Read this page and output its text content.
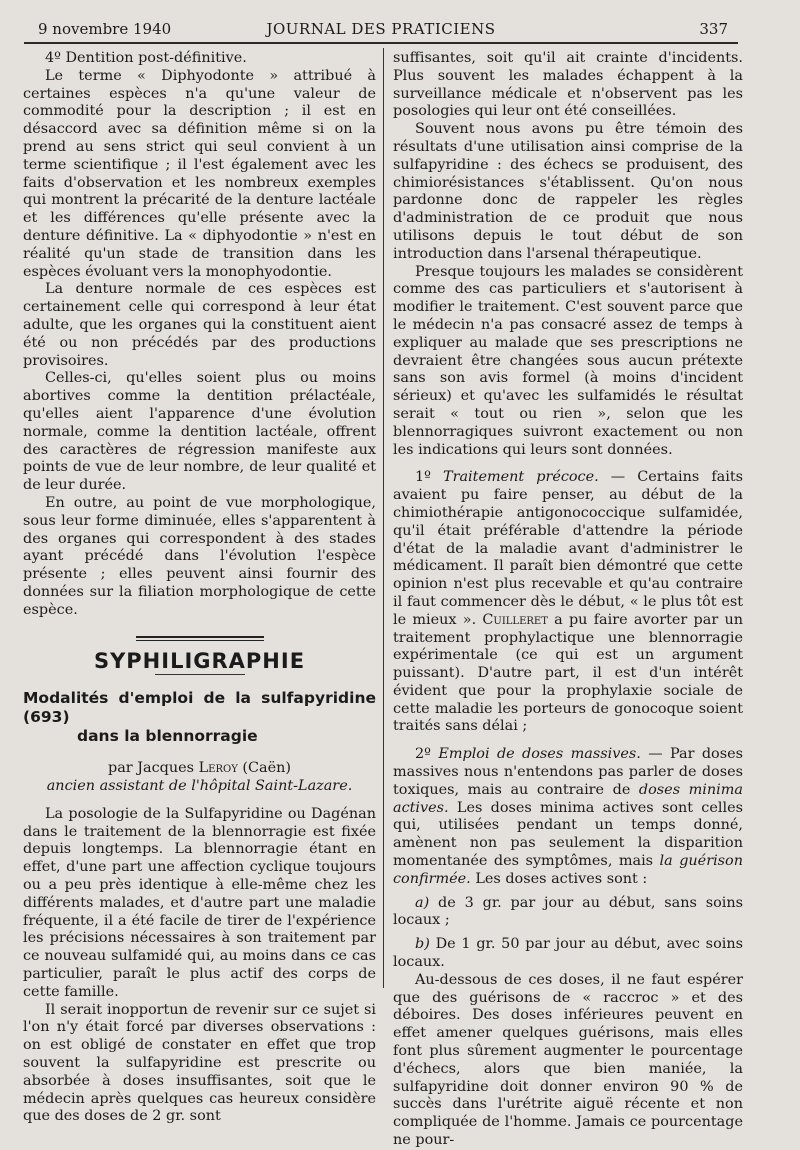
9 novembre 1940	JOURNAL DES PRATICIENS	337

4º Dentition post-définitive.

Le terme « Diphyodonte » attribué à certaines espèces n'a qu'une valeur de commodité pour la description ; il est en désaccord avec sa définition même si on la prend au sens strict qui seul convient à un terme scientifique ; il l'est également avec les faits d'observation et les nombreux exemples qui montrent la précarité de la denture lactéale et les différences qu'elle présente avec la denture définitive. La « diphyodontie » n'est en réalité qu'un stade de transition dans les espèces évoluant vers la monophyodontie.

La denture normale de ces espèces est certainement celle qui correspond à leur état adulte, que les organes qui la constituent aient été ou non précédés par des productions provisoires.

Celles-ci, qu'elles soient plus ou moins abortives comme la dentition prélactéale, qu'elles aient l'apparence d'une évolution normale, comme la dentition lactéale, offrent des caractères de régression manifeste aux points de vue de leur nombre, de leur qualité et de leur durée.

En outre, au point de vue morphologique, sous leur forme diminuée, elles s'apparentent à des organes qui correspondent à des stades ayant précédé dans l'évolution l'espèce présente ; elles peuvent ainsi fournir des données sur la filiation morphologique de cette espèce.

SYPHILIGRAPHIE
Modalités d'emploi de la sulfapyridine (693)
dans la blennorragie

par Jacques Leroy (Caën)

ancien assistant de l'hôpital Saint-Lazare.

La posologie de la Sulfapyridine ou Dagénan dans le traitement de la blennorragie est fixée depuis longtemps. La blennorragie étant en effet, d'une part une affection cyclique toujours ou a peu près identique à elle-même chez les différents malades, et d'autre part une maladie fréquente, il a été facile de tirer de l'expérience les précisions nécessaires à son traitement par ce nouveau sulfamidé qui, au moins dans ce cas particulier, paraît le plus actif des corps de cette famille.

Il serait inopportun de revenir sur ce sujet si l'on n'y était forcé par diverses observations : on est obligé de constater en effet que trop souvent la sulfapyridine est prescrite ou absorbée à doses insuffisantes, soit que le médecin après quelques cas heureux considère que des doses de 2 gr. sont

suffisantes, soit qu'il ait crainte d'incidents. Plus souvent les malades échappent à la surveillance médicale et n'observent pas les posologies qui leur ont été conseillées.

Souvent nous avons pu être témoin des résultats d'une utilisation ainsi comprise de la sulfapyridine : des échecs se produisent, des chimiorésistances s'établissent. Qu'on nous pardonne donc de rappeler les règles d'administration de ce produit que nous utilisons depuis le tout début de son introduction dans l'arsenal thérapeutique.

Presque toujours les malades se considèrent comme des cas particuliers et s'autorisent à modifier le traitement. C'est souvent parce que le médecin n'a pas consacré assez de temps à expliquer au malade que ses prescriptions ne devraient être changées sous aucun prétexte sans son avis formel (à moins d'incident sérieux) et qu'avec les sulfamidés le résultat serait « tout ou rien », selon que les blennorragiques suivront exactement ou non les indications qui leurs sont données.

1º Traitement précoce. — Certains faits avaient pu faire penser, au début de la chimiothérapie antigonococcique sulfamidée, qu'il était préférable d'attendre la période d'état de la maladie avant d'administrer le médicament. Il paraît bien démontré que cette opinion n'est plus recevable et qu'au contraire il faut commencer dès le début, « le plus tôt est le mieux ». Cuilleret a pu faire avorter par un traitement prophylactique une blennorragie expérimentale (ce qui est un argument puissant). D'autre part, il est d'un intérêt évident que pour la prophylaxie sociale de cette maladie les porteurs de gonocoque soient traités sans délai ;

2º Emploi de doses massives. — Par doses massives nous n'entendons pas parler de doses toxiques, mais au contraire de doses minima actives. Les doses minima actives sont celles qui, utilisées pendant un temps donné, amènent non pas seulement la disparition momentanée des symptômes, mais la guérison confirmée. Les doses actives sont :

a) de 3 gr. par jour au début, sans soins locaux ;

b) De 1 gr. 50 par jour au début, avec soins locaux.

Au-dessous de ces doses, il ne faut espérer que des guérisons de « raccroc » et des déboires. Des doses inférieures peuvent en effet amener quelques guérisons, mais elles font plus sûrement augmenter le pourcentage d'échecs, alors que bien maniée, la sulfapyridine doit donner environ 90 % de succès dans l'urétrite aiguë récente et non compliquée de l'homme. Jamais ce pourcentage ne pour-
